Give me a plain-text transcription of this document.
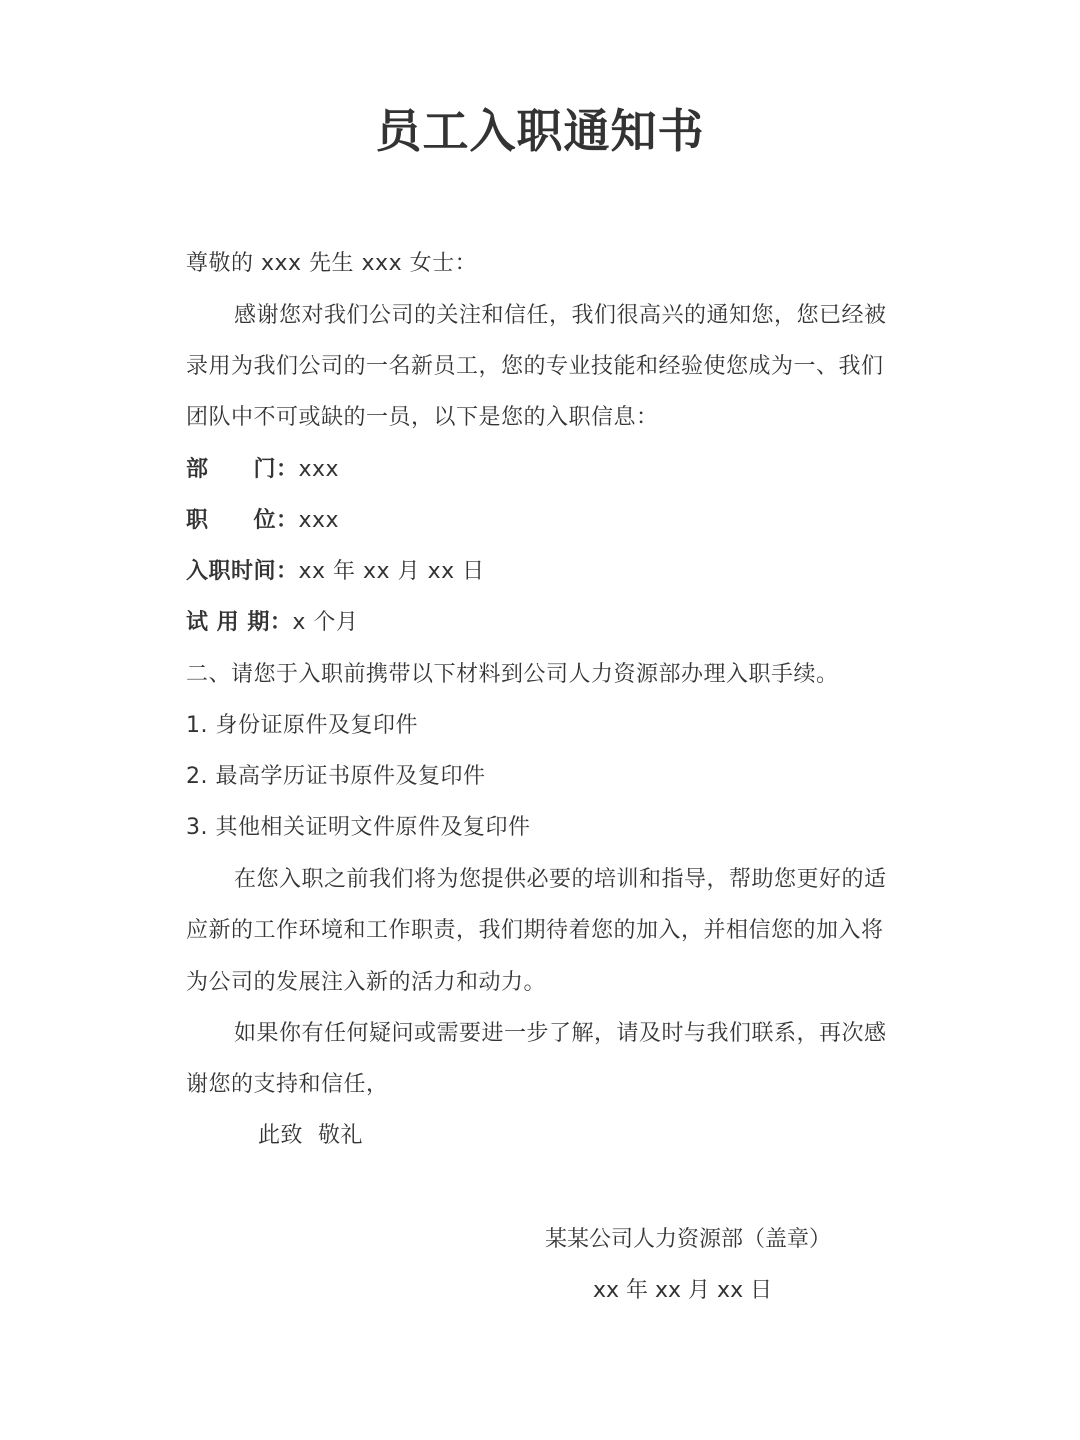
员工入职通知书
尊敬的 xxx 先生 xxx 女士：
感谢您对我们公司的关注和信任，我们很高兴的通知您，您已经被
录用为我们公司的一名新员工，您的专业技能和经验使您成为一、我们
团队中不可或缺的一员，以下是您的入职信息：
部　　门：xxx
职　　位：xxx
入职时间：xx 年 xx 月 xx 日
试 用 期：x 个月
二、请您于入职前携带以下材料到公司人力资源部办理入职手续。
1. 身份证原件及复印件
2. 最高学历证书原件及复印件
3. 其他相关证明文件原件及复印件
在您入职之前我们将为您提供必要的培训和指导，帮助您更好的适
应新的工作环境和工作职责，我们期待着您的加入，并相信您的加入将
为公司的发展注入新的活力和动力。
如果你有任何疑问或需要进一步了解，请及时与我们联系，再次感
谢您的支持和信任，
此致  敬礼
某某公司人力资源部（盖章）
xx 年 xx 月 xx 日
